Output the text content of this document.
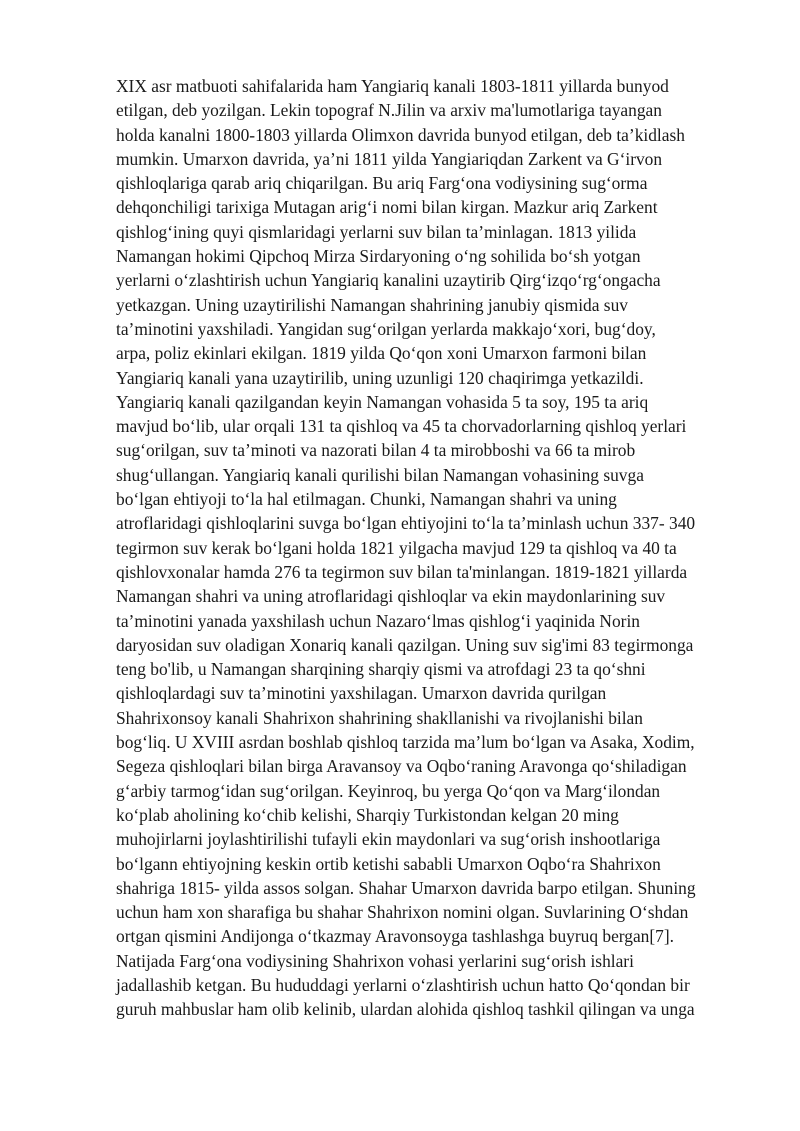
XIX asr matbuoti sahifalarida ham Yangiariq kanali 1803-1811 yillarda bunyod
etilgan, deb yozilgan. Lekin topograf N.Jilin va arxiv ma'lumotlariga tayangan
holda kanalni 1800-1803 yillarda Olimxon davrida bunyod etilgan, deb ta’kidlash
mumkin. Umarxon davrida, ya’ni 1811 yilda Yangiariqdan Zarkent va G‘irvon
qishloqlariga qarab ariq chiqarilgan. Bu ariq Farg‘ona vodiysining sug‘orma
dehqonchiligi tarixiga Mutagan arig‘i nomi bilan kirgan. Mazkur ariq Zarkent
qishlog‘ining quyi qismlaridagi yerlarni suv bilan ta’minlagan. 1813 yilida
Namangan hokimi Qipchoq Mirza Sirdaryoning o‘ng sohilida bo‘sh yotgan
yerlarni o‘zlashtirish uchun Yangiariq kanalini uzaytirib Qirg‘izqo‘rg‘ongacha
yetkazgan. Uning uzaytirilishi Namangan shahrining janubiy qismida suv
ta’minotini yaxshiladi. Yangidan sug‘orilgan yerlarda makkajo‘xori, bug‘doy,
arpa, poliz ekinlari ekilgan. 1819 yilda Qo‘qon xoni Umarxon farmoni bilan
Yangiariq kanali yana uzaytirilib, uning uzunligi 120 chaqirimga yetkazildi.
Yangiariq kanali qazilgandan keyin Namangan vohasida 5 ta soy, 195 ta ariq
mavjud bo‘lib, ular orqali 131 ta qishloq va 45 ta chorvadorlarning qishloq yerlari
sug‘orilgan, suv ta’minoti va nazorati bilan 4 ta mirobboshi va 66 ta mirob
shug‘ullangan. Yangiariq kanali qurilishi bilan Namangan vohasining suvga
bo‘lgan ehtiyoji to‘la hal etilmagan. Chunki, Namangan shahri va uning
atroflaridagi qishloqlarini suvga bo‘lgan ehtiyojini to‘la ta’minlash uchun 337- 340
tegirmon suv kerak bo‘lgani holda 1821 yilgacha mavjud 129 ta qishloq va 40 ta
qishlovxonalar hamda 276 ta tegirmon suv bilan ta'minlangan. 1819-1821 yillarda
Namangan shahri va uning atroflaridagi qishloqlar va ekin maydonlarining suv
ta’minotini yanada yaxshilash uchun Nazaro‘lmas qishlog‘i yaqinida Norin
daryosidan suv oladigan Xonariq kanali qazilgan. Uning suv sig'imi 83 tegirmonga
teng bo'lib, u Namangan sharqining sharqiy qismi va atrofdagi 23 ta qo‘shni
qishloqlardagi suv ta’minotini yaxshilagan. Umarxon davrida qurilgan
Shahrixonsoy kanali Shahrixon shahrining shakllanishi va rivojlanishi bilan
bog‘liq. U XVIII asrdan boshlab qishloq tarzida ma’lum bo‘lgan va Asaka, Xodim,
Segeza qishloqlari bilan birga Aravansoy va Oqbo‘raning Aravonga qo‘shiladigan
g‘arbiy tarmog‘idan sug‘orilgan. Keyinroq, bu yerga Qo‘qon va Marg‘ilondan
ko‘plab aholining ko‘chib kelishi, Sharqiy Turkistondan kelgan 20 ming
muhojirlarni joylashtirilishi tufayli ekin maydonlari va sug‘orish inshootlariga
bo‘lgann ehtiyojning keskin ortib ketishi sababli Umarxon Oqbo‘ra Shahrixon
shahriga 1815- yilda assos solgan. Shahar Umarxon davrida barpo etilgan. Shuning
uchun ham xon sharafiga bu shahar Shahrixon nomini olgan. Suvlarining O‘shdan
ortgan qismini Andijonga o‘tkazmay Aravonsoyga tashlashga buyruq bergan[7].
Natijada Farg‘ona vodiysining Shahrixon vohasi yerlarini sug‘orish ishlari
jadallashib ketgan. Bu hududdagi yerlarni o‘zlashtirish uchun hatto Qo‘qondan bir
guruh mahbuslar ham olib kelinib, ulardan alohida qishloq tashkil qilingan va unga
